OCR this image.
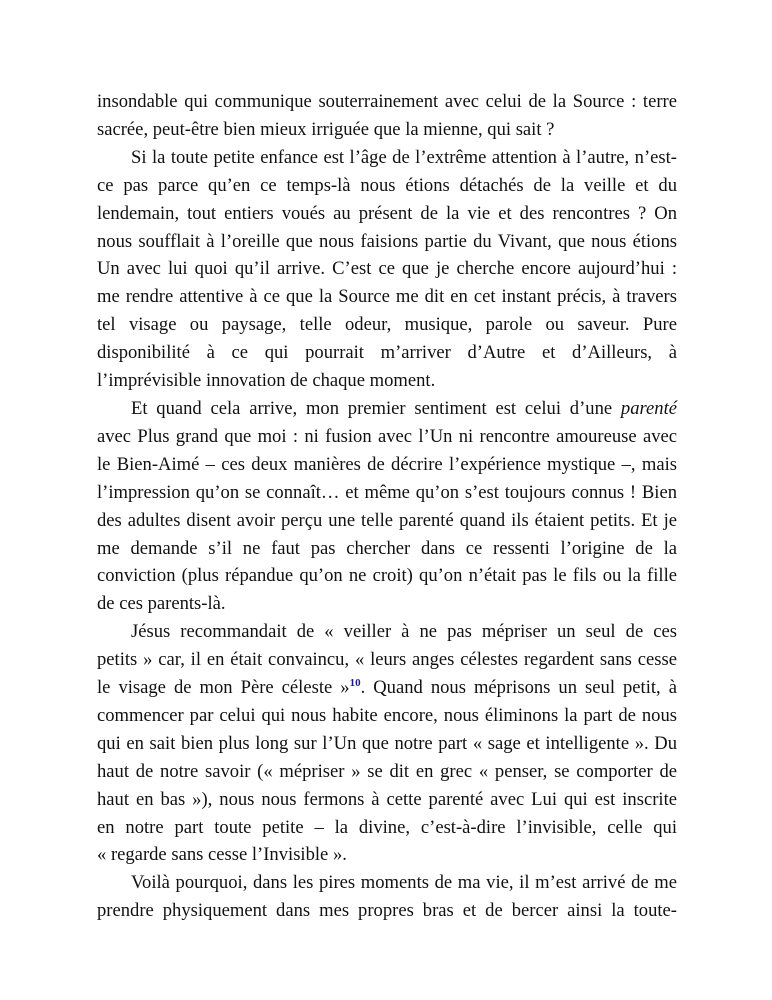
insondable qui communique souterrainement avec celui de la Source : terre
sacrée, peut-être bien mieux irriguée que la mienne, qui sait ?
Si la toute petite enfance est l’âge de l’extrême attention à l’autre, n’est-
ce pas parce qu’en ce temps-là nous étions détachés de la veille et du
lendemain, tout entiers voués au présent de la vie et des rencontres ? On
nous soufflait à l’oreille que nous faisions partie du Vivant, que nous étions
Un avec lui quoi qu’il arrive. C’est ce que je cherche encore aujourd’hui :
me rendre attentive à ce que la Source me dit en cet instant précis, à travers
tel visage ou paysage, telle odeur, musique, parole ou saveur. Pure
disponibilité à ce qui pourrait m’arriver d’Autre et d’Ailleurs, à
l’imprévisible innovation de chaque moment.
Et quand cela arrive, mon premier sentiment est celui d’une parenté
avec Plus grand que moi : ni fusion avec l’Un ni rencontre amoureuse avec
le Bien-Aimé – ces deux manières de décrire l’expérience mystique –, mais
l’impression qu’on se connaît… et même qu’on s’est toujours connus ! Bien
des adultes disent avoir perçu une telle parenté quand ils étaient petits. Et je
me demande s’il ne faut pas chercher dans ce ressenti l’origine de la
conviction (plus répandue qu’on ne croit) qu’on n’était pas le fils ou la fille
de ces parents-là.
Jésus recommandait de « veiller à ne pas mépriser un seul de ces
petits » car, il en était convaincu, « leurs anges célestes regardent sans cesse
le visage de mon Père céleste »$^{10}$. Quand nous méprisons un seul petit, à
commencer par celui qui nous habite encore, nous éliminons la part de nous
qui en sait bien plus long sur l’Un que notre part « sage et intelligente ». Du
haut de notre savoir (« mépriser » se dit en grec « penser, se comporter de
haut en bas »), nous nous fermons à cette parenté avec Lui qui est inscrite
en notre part toute petite – la divine, c’est-à-dire l’invisible, celle qui
« regarde sans cesse l’Invisible ».
Voilà pourquoi, dans les pires moments de ma vie, il m’est arrivé de me
prendre physiquement dans mes propres bras et de bercer ainsi la toute-
